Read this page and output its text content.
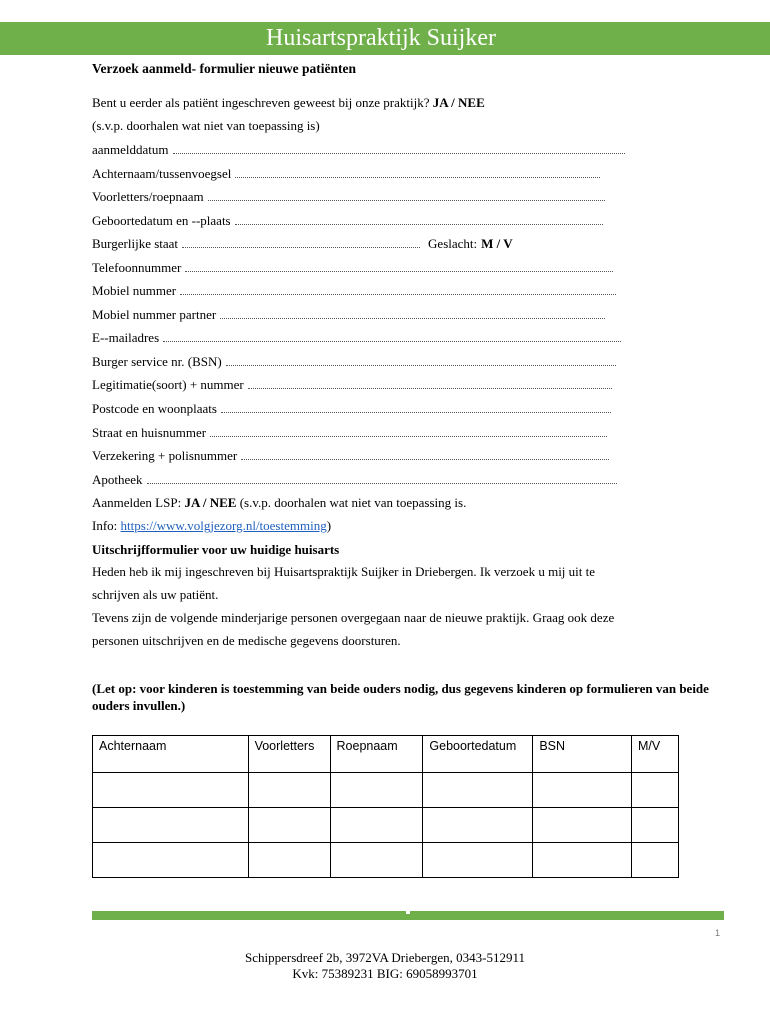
Huisartspraktijk Suijker
Verzoek aanmeld- formulier nieuwe patiënten
Bent u eerder als patiënt ingeschreven geweest bij onze praktijk? JA / NEE
(s.v.p. doorhalen wat niet van toepassing is)
aanmelddatum
Achternaam/tussenvoegsel
Voorletters/roepnaam
Geboortedatum en --plaats
Burgerlijke staat	Geslacht: M / V
Telefoonnummer
Mobiel nummer
Mobiel nummer partner
E--mailadres
Burger service nr. (BSN)
Legitimatie(soort) + nummer
Postcode en woonplaats
Straat en huisnummer
Verzekering + polisnummer
Apotheek
Aanmelden LSP: JA / NEE (s.v.p. doorhalen wat niet van toepassing is.
Info: https://www.volgjezorg.nl/toestemming)
Uitschrijfformulier voor uw huidige huisarts
Heden heb ik mij ingeschreven bij Huisartspraktijk Suijker in Driebergen. Ik verzoek u mij uit te
schrijven als uw patiënt.
Tevens zijn de volgende minderjarige personen overgegaan naar de nieuwe praktijk. Graag ook deze
personen uitschrijven en de medische gegevens doorsturen.
(Let op: voor kinderen is toestemming van beide ouders nodig, dus gegevens kinderen op formulieren van beide ouders invullen.)
Achternaam	Voorletters	Roepnaam	Geboortedatum	BSN	M/V

1
Schippersdreef 2b, 3972VA Driebergen, 0343-512911
Kvk: 75389231 BIG: 69058993701
